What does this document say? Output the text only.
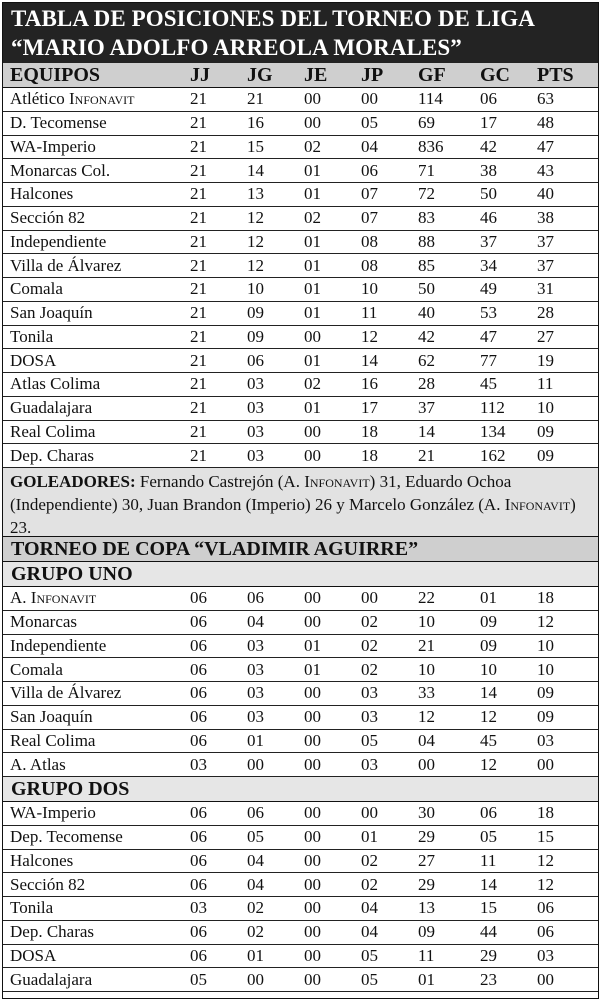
TABLA DE POSICIONES DEL TORNEO DE LIGA
“MARIO ADOLFO ARREOLA MORALES”
EQUIPOS	JJ	JG	JE	JP	GF	GC	PTS
Atlético Infonavit	21	21	00	00	114	06	63
D. Tecomense	21	16	00	05	69	17	48
WA-Imperio	21	15	02	04	836	42	47
Monarcas Col.	21	14	01	06	71	38	43
Halcones	21	13	01	07	72	50	40
Sección 82	21	12	02	07	83	46	38
Independiente	21	12	01	08	88	37	37
Villa de Álvarez	21	12	01	08	85	34	37
Comala	21	10	01	10	50	49	31
San Joaquín	21	09	01	11	40	53	28
Tonila	21	09	00	12	42	47	27
DOSA	21	06	01	14	62	77	19
Atlas Colima	21	03	02	16	28	45	11
Guadalajara	21	03	01	17	37	112	10
Real Colima	21	03	00	18	14	134	09
Dep. Charas	21	03	00	18	21	162	09
GOLEADORES: Fernando Castrejón (A. Infonavit) 31, Eduardo Ochoa (Independiente) 30, Juan Brandon (Imperio) 26 y Marcelo González (A. Infonavit) 23.
TORNEO DE COPA “VLADIMIR AGUIRRE”
GRUPO UNO
A. Infonavit	06	06	00	00	22	01	18
Monarcas	06	04	00	02	10	09	12
Independiente	06	03	01	02	21	09	10
Comala	06	03	01	02	10	10	10
Villa de Álvarez	06	03	00	03	33	14	09
San Joaquín	06	03	00	03	12	12	09
Real Colima	06	01	00	05	04	45	03
A. Atlas	03	00	00	03	00	12	00
GRUPO DOS
WA-Imperio	06	06	00	00	30	06	18
Dep. Tecomense	06	05	00	01	29	05	15
Halcones	06	04	00	02	27	11	12
Sección 82	06	04	00	02	29	14	12
Tonila	03	02	00	04	13	15	06
Dep. Charas	06	02	00	04	09	44	06
DOSA	06	01	00	05	11	29	03
Guadalajara	05	00	00	05	01	23	00
